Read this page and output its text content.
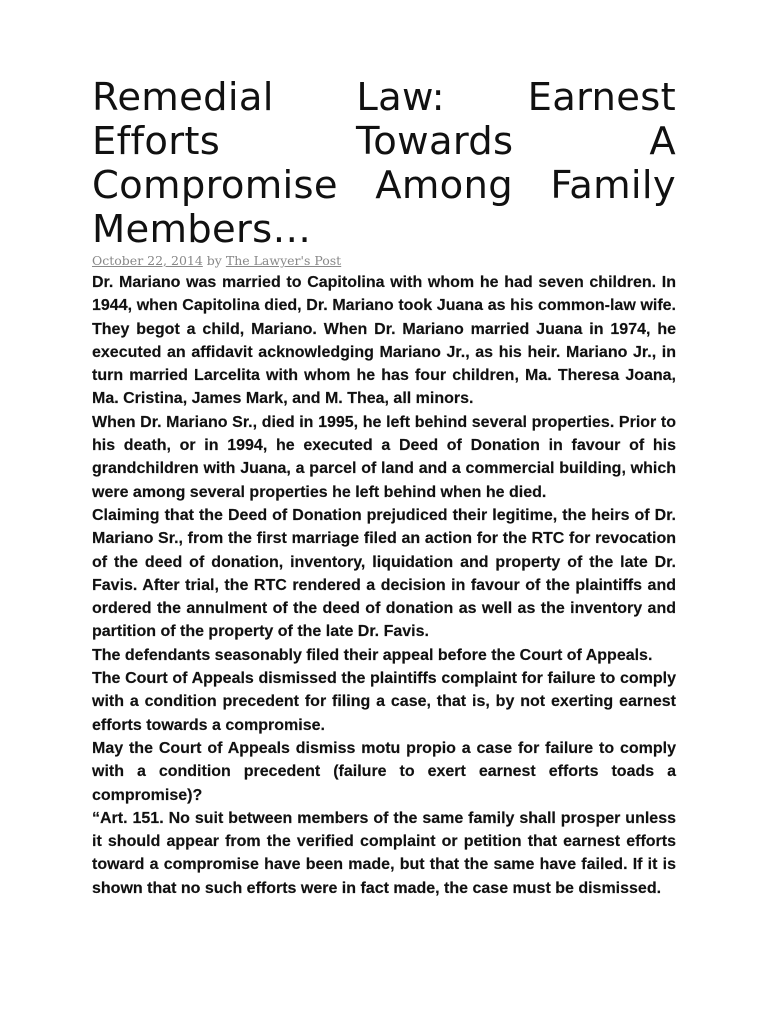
Remedial Law: Earnest Efforts Towards A Compromise Among Family Members…
October 22, 2014 by The Lawyer's Post

Dr. Mariano was married to Capitolina with whom he had seven children. In 1944, when Capitolina died, Dr. Mariano took Juana as his common-law wife. They begot a child, Mariano. When Dr. Mariano married Juana in 1974, he executed an affidavit acknowledging Mariano Jr., as his heir. Mariano Jr., in turn married Larcelita with whom he has four children, Ma. Theresa Joana, Ma. Cristina, James Mark, and M. Thea, all minors.

When Dr. Mariano Sr., died in 1995, he left behind several properties. Prior to his death, or in 1994, he executed a Deed of Donation in favour of his grandchildren with Juana, a parcel of land and a commercial building, which were among several properties he left behind when he died.

Claiming that the Deed of Donation prejudiced their legitime, the heirs of Dr. Mariano Sr., from the first marriage filed an action for the RTC for revocation of the deed of donation, inventory, liquidation and property of the late Dr. Favis. After trial, the RTC rendered a decision in favour of the plaintiffs and ordered the annulment of the deed of donation as well as the inventory and partition of the property of the late Dr. Favis.

The defendants seasonably filed their appeal before the Court of Appeals.

The Court of Appeals dismissed the plaintiffs complaint for failure to comply with a condition precedent for filing a case, that is, by not exerting earnest efforts towards a compromise.

May the Court of Appeals dismiss motu propio a case for failure to comply with a condition precedent (failure to exert earnest efforts toads a compromise)?

“Art. 151. No suit between members of the same family shall prosper unless it should appear from the verified complaint or petition that earnest efforts toward a compromise have been made, but that the same have failed. If it is shown that no such efforts were in fact made, the case must be dismissed.
